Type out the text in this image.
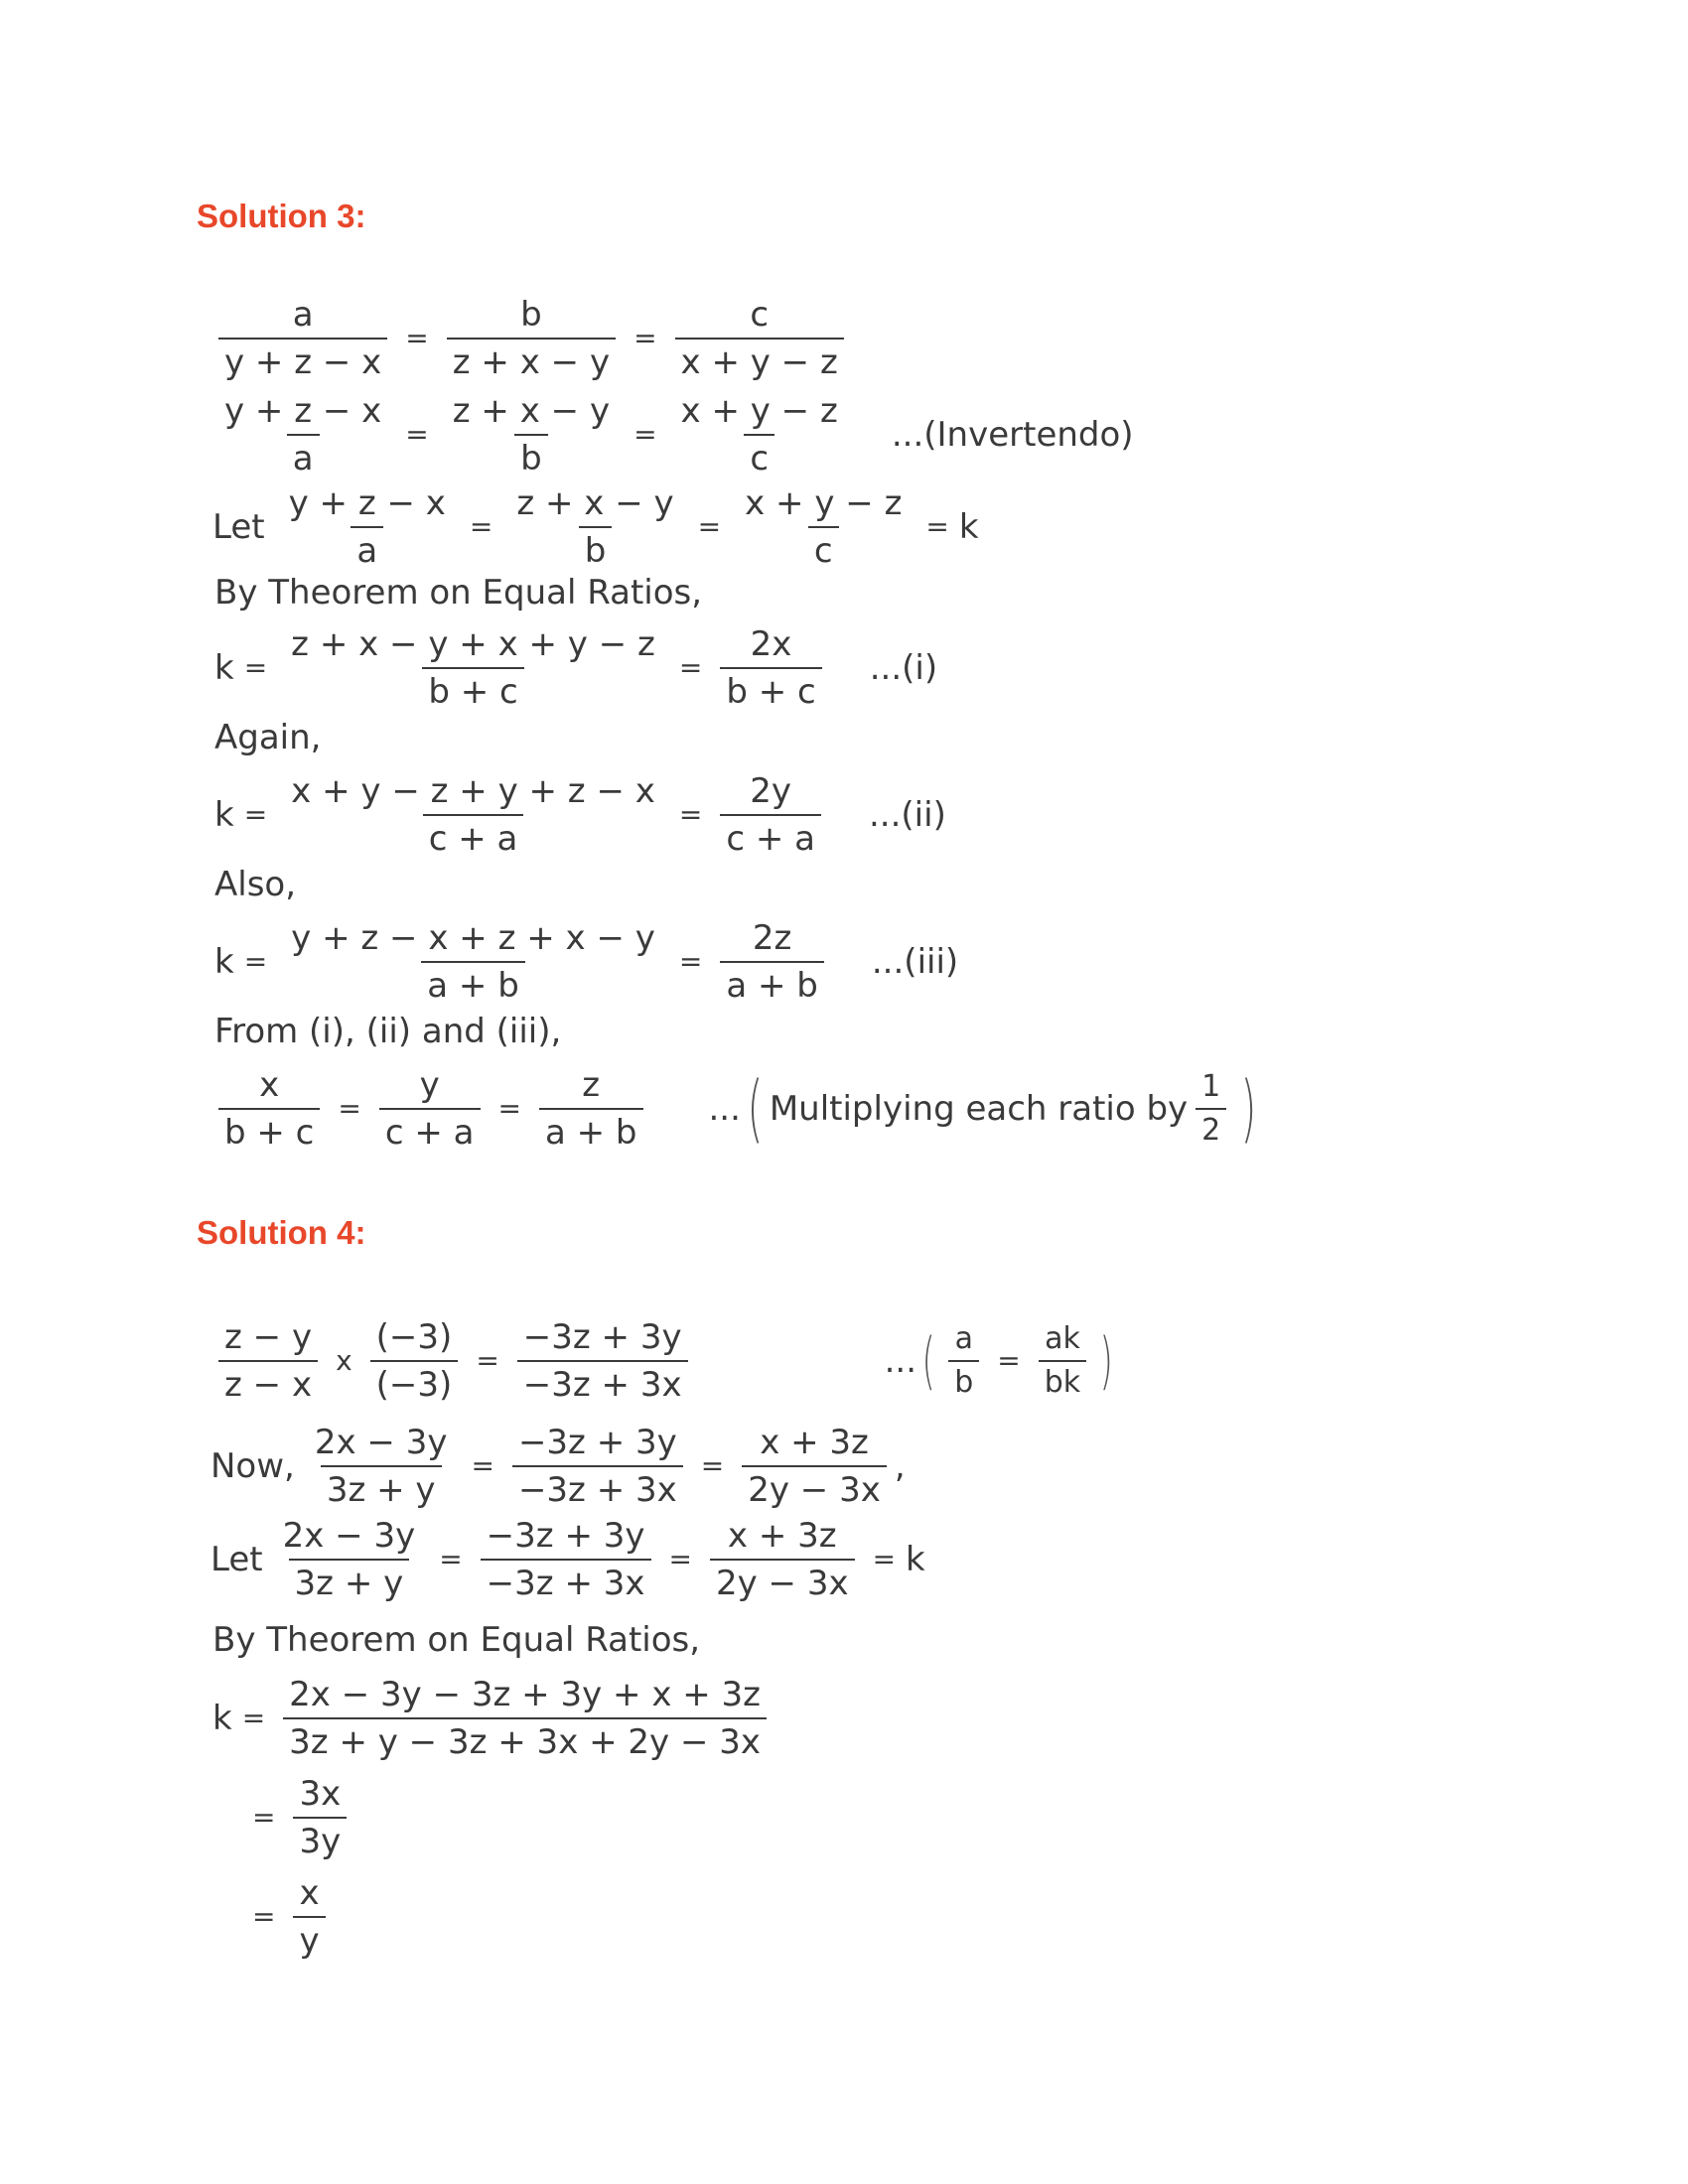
Solution 3:
$\frac{a}{y + z - x} = \frac{b}{z + x - y} = \frac{c}{x + y - z}$
$\frac{y + z - x}{a} = \frac{z + x - y}{b} = \frac{x + y - z}{c}$ ...(Invertendo)
Let $\frac{y + z - x}{a} = \frac{z + x - y}{b} = \frac{x + y - z}{c} = k$
By Theorem on Equal Ratios,
$k = \frac{z + x - y + x + y - z}{b + c} = \frac{2x}{b + c} ...(i)$
Again,
$k = \frac{x + y - z + y + z - x}{c + a} = \frac{2y}{c + a} ...(ii)$
Also,
$k = \frac{y + z - x + z + x - y}{a + b} = \frac{2z}{a + b} ...(iii)$
From (i), (ii) and (iii),
$\frac{x}{b + c} = \frac{y}{c + a} = \frac{z}{a + b}$ ... ( Multiplying each ratio by $\frac{1}{2}$ )
Solution 4:
$\frac{z - y}{z - x}$ x $\frac{(-3)}{(-3)} = \frac{-3z + 3y}{-3z + 3x}$	... ( $\frac{a}{b} = \frac{ak}{bk}$ )
Now, $\frac{2x - 3y}{3z + y} = \frac{-3z + 3y}{-3z + 3x} = \frac{x + 3z}{2y - 3x}$ ,
Let $\frac{2x - 3y}{3z + y} = \frac{-3z + 3y}{-3z + 3x} = \frac{x + 3z}{2y - 3x} = k$
By Theorem on Equal Ratios,
$k = \frac{2x - 3y - 3z + 3y + x + 3z}{3z + y - 3z + 3x + 2y - 3x}$
= $\frac{3x}{3y}$
= $\frac{x}{y}$
